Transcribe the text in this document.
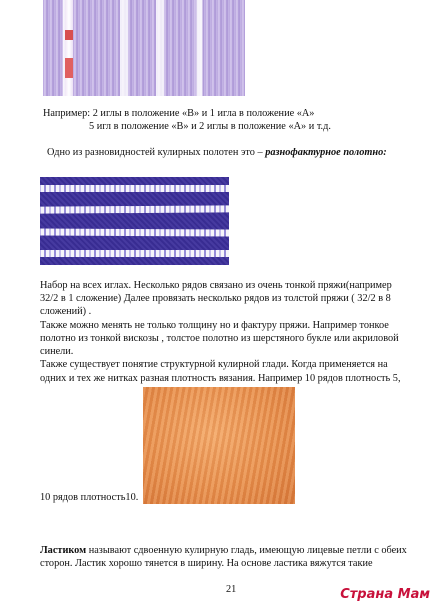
Например: 2 иглы в положение «В» и 1 игла в положение «А»
5 игл в положение «В» и 2 иглы в положение «А» и т.д.
Одно из разновидностей кулирных полотен это – разнофактурное полотно:
Набор на всех иглах. Несколько рядов связано из очень тонкой пряжи(например
32/2 в 1 сложение) Далее провязать несколько рядов из толстой пряжи ( 32/2 в 8
сложений) .
Также можно менять не только толщину но и фактуру пряжи. Например тонкое
полотно из тонкой вискозы , толстое полотно из шерстяного букле или акриловой
синели.
Также существует понятие структурной кулирной глади. Когда применяется на
одних и тех же нитках разная плотность вязания. Например 10 рядов плотность 5,
10 рядов плотность10.
Ластиком называют сдвоенную кулирную гладь, имеющую лицевые петли с обеих
сторон. Ластик хорошо тянется в ширину. На основе ластика вяжутся такие
21	Страна Мам
